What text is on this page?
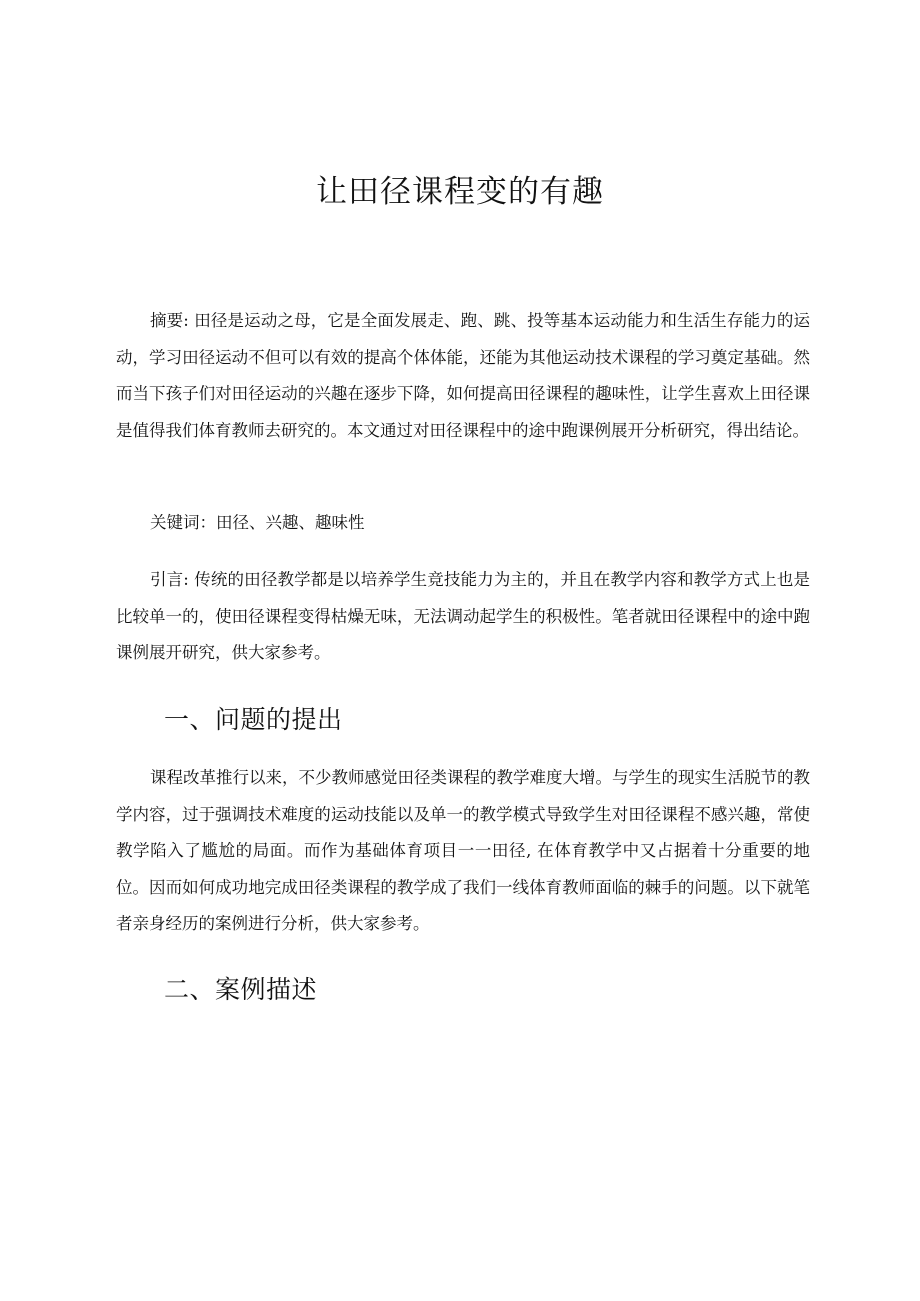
让田径课程变的有趣

摘要: 田径是运动之母，它是全面发展走、跑、跳、投等基本运动能力和生活生存能力的运动，学习田径运动不但可以有效的提高个体体能，还能为其他运动技术课程的学习奠定基础。然而当下孩子们对田径运动的兴趣在逐步下降，如何提高田径课程的趣味性，让学生喜欢上田径课是值得我们体育教师去研究的。本文通过对田径课程中的途中跑课例展开分析研究，得出结论。

关键词：田径、兴趣、趣味性

引言: 传统的田径教学都是以培养学生竞技能力为主的，并且在教学内容和教学方式上也是比较单一的，使田径课程变得枯燥无味，无法调动起学生的积极性。笔者就田径课程中的途中跑课例展开研究，供大家参考。

一、问题的提出

课程改革推行以来，不少教师感觉田径类课程的教学难度大增。与学生的现实生活脱节的教学内容，过于强调技术难度的运动技能以及单一的教学模式导致学生对田径课程不感兴趣，常使教学陷入了尴尬的局面。而作为基础体育项目一一田径, 在体育教学中又占据着十分重要的地位。因而如何成功地完成田径类课程的教学成了我们一线体育教师面临的棘手的问题。以下就笔者亲身经历的案例进行分析，供大家参考。

二、案例描述
